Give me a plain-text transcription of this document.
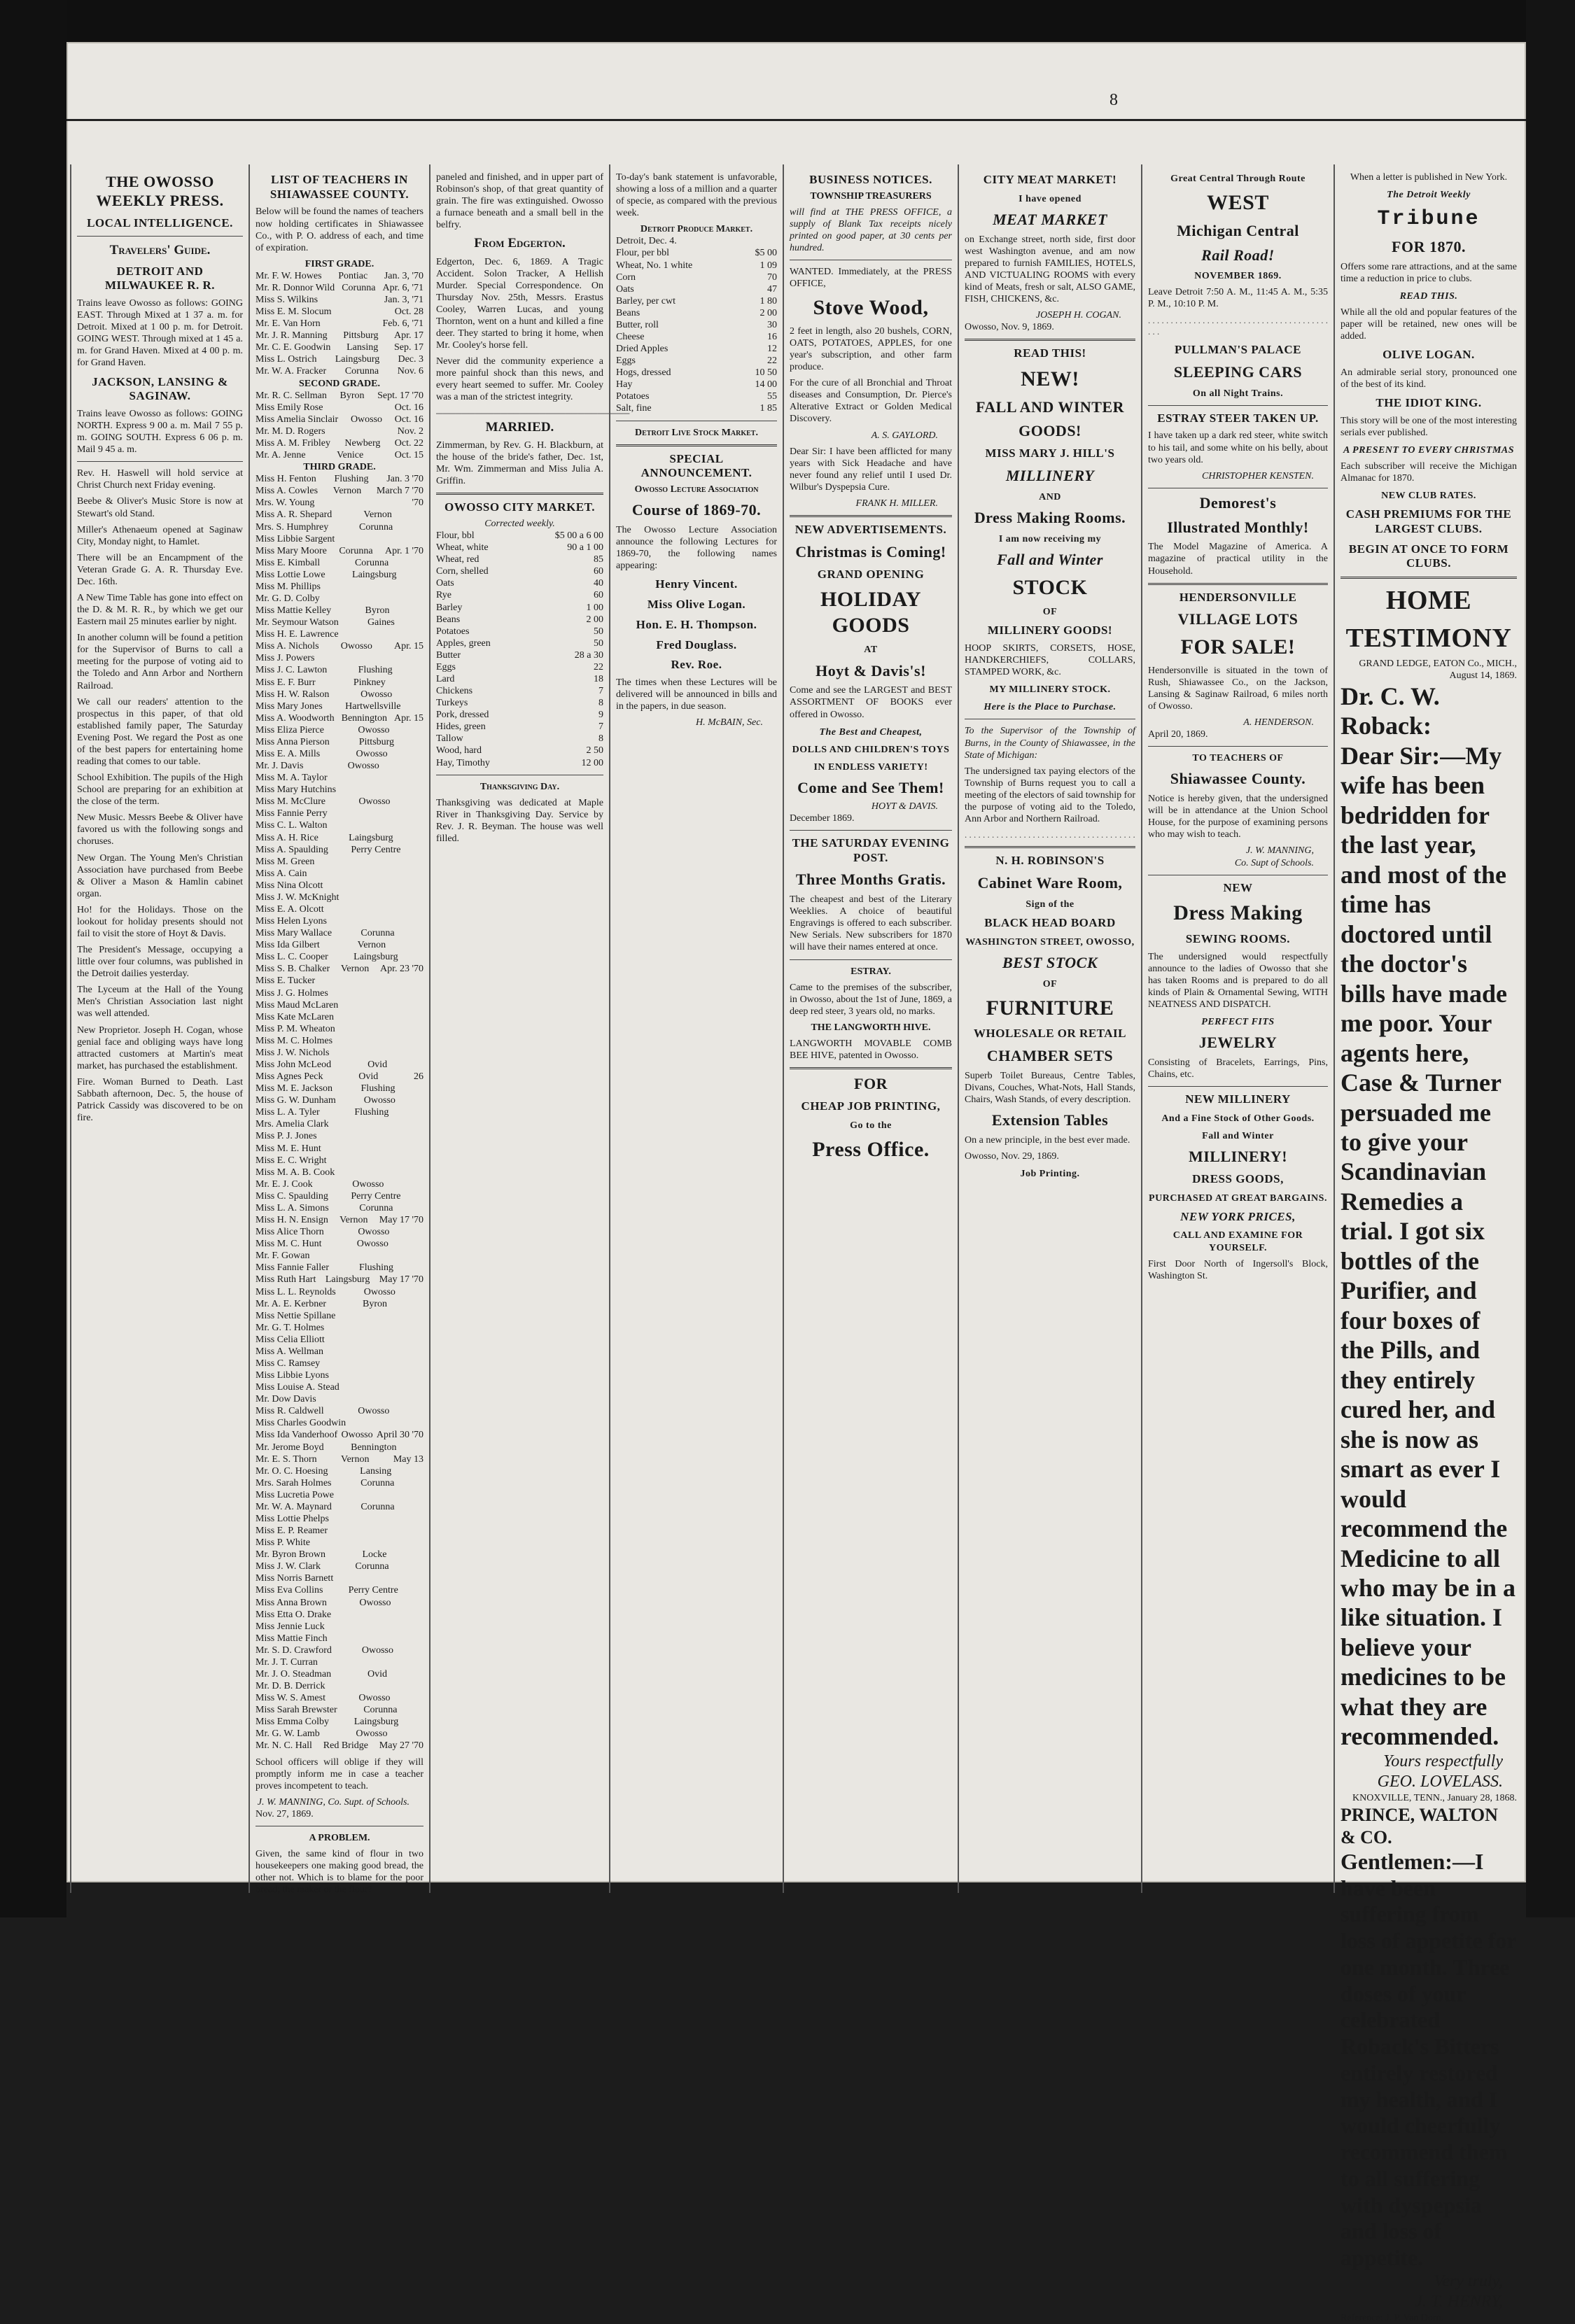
8
THE OWOSSO WEEKLY PRESS.
LOCAL INTELLIGENCE.
Travelers' Guide.
DETROIT AND MILWAUKEE R. R.
Trains leave Owosso as follows: GOING EAST. Through Mixed at 1 37 a. m. for Detroit. Mixed at 1 00 p. m. for Detroit. GOING WEST. Through mixed at 1 45 a. m. for Grand Haven. Mixed at 4 00 p. m. for Grand Haven.
JACKSON, LANSING & SAGINAW.
Trains leave Owosso as follows: GOING NORTH. Express 9 00 a. m. Mail 7 55 p. m. GOING SOUTH. Express 6 06 p. m. Mail 9 45 a. m.
Rev. H. Haswell will hold service at Christ Church next Friday evening.
Beebe & Oliver's Music Store is now at Stewart's old Stand.
Miller's Athenaeum opened at Saginaw City, Monday night, to Hamlet.
There will be an Encampment of the Veteran Grade G. A. R. Thursday Eve. Dec. 16th.
A New Time Table has gone into effect on the D. & M. R. R., by which we get our Eastern mail 25 minutes earlier by night.
In another column will be found a petition for the Supervisor of Burns to call a meeting for the purpose of voting aid to the Toledo and Ann Arbor and Northern Railroad.
We call our readers' attention to the prospectus in this paper, of that old established family paper, The Saturday Evening Post. We regard the Post as one of the best papers for entertaining home reading that comes to our table.
School Exhibition. The pupils of the High School are preparing for an exhibition at the close of the term.
New Music. Messrs Beebe & Oliver have favored us with the following songs and choruses.
New Organ. The Young Men's Christian Association have purchased from Beebe & Oliver a Mason & Hamlin cabinet organ.
Ho! for the Holidays. Those on the lookout for holiday presents should not fail to visit the store of Hoyt & Davis.
The President's Message, occupying a little over four columns, was published in the Detroit dailies yesterday.
The Lyceum at the Hall of the Young Men's Christian Association last night was well attended.
New Proprietor. Joseph H. Cogan, whose genial face and obliging ways have long attracted customers at Martin's meat market, has purchased the establishment.
Fire. Woman Burned to Death. Last Sabbath afternoon, Dec. 5, the house of Patrick Cassidy was discovered to be on fire.
LIST OF TEACHERS IN SHIAWASSEE COUNTY.
Below will be found the names of teachers now holding certificates in Shiawassee Co., with P. O. address of each, and time of expiration.
FIRST GRADE.
Mr. F. W. Howes Pontiac Jan. 3, '70
Mr. R. Donnor Wild Corunna Apr. 6, '71
Miss S. Wilkins	Jan. 3, '71
Miss E. M. Slocum	Oct. 28
Mr. E. Van Horn	Feb. 6, '71
Mr. J. R. Manning Pittsburg Apr. 17
Mr. C. E. Goodwin Lansing Sep. 17
Miss L. Ostrich Laingsburg Dec. 3
Mr. W. A. Fracker Corunna Nov. 6
SECOND GRADE.
Mr. R. C. Sellman Byron Sept. 17 '70
Miss Emily Rose	Oct. 16
Miss Amelia Sinclair Owosso Oct. 16
Mr. M. D. Rogers	Nov. 2
Miss A. M. Fribley Newberg Oct. 22
Mr. A. Jenne	Venice	Oct. 15
THIRD GRADE.
Miss H. Fenton Flushing Jan. 3 '70
Miss A. Cowles Vernon March 7 '70
Mrs. W. Young	'70
Miss A. R. Shepard	Vernon
Mrs. S. Humphrey	Corunna
Miss Libbie Sargent
Miss Mary Moore Corunna Apr. 1 '70
Miss E. Kimball	Corunna
Miss Lottie Lowe	Laingsburg
Miss M. Phillips
Mr. G. D. Colby
Miss Mattie Kelley	Byron
Mr. Seymour Watson	Gaines
Miss H. E. Lawrence
Miss A. Nichols Owosso Apr. 15
Miss J. Powers
Miss J. C. Lawton	Flushing
Miss E. F. Burr	Pinkney
Miss H. W. Ralson	Owosso
Miss Mary Jones Hartwellsville
Miss A. Woodworth Bennington Apr. 15
Miss Eliza Pierce	Owosso
Miss Anna Pierson	Pittsburg
Miss E. A. Mills	Owosso
Mr. J. Davis	Owosso
Miss M. A. Taylor
Miss Mary Hutchins
Miss M. McClure	Owosso
Miss Fannie Perry
Miss C. L. Walton
Miss A. H. Rice	Laingsburg
Miss A. Spaulding Perry Centre
Miss M. Green
Miss A. Cain
Miss Nina Olcott
Miss J. W. McKnight
Miss E. A. Olcott
Miss Helen Lyons
Miss Mary Wallace	Corunna
Miss Ida Gilbert	Vernon
Miss L. C. Cooper	Laingsburg
Miss S. B. Chalker Vernon Apr. 23 '70
Miss E. Tucker
Miss J. G. Holmes
Miss Maud McLaren
Miss Kate McLaren
Miss P. M. Wheaton
Miss M. C. Holmes
Miss J. W. Nichols
Miss John McLeod	Ovid
Miss Agnes Peck	Ovid	26
Miss M. E. Jackson	Flushing
Miss G. W. Dunham	Owosso
Miss L. A. Tyler	Flushing
Mrs. Amelia Clark
Miss P. J. Jones
Miss M. E. Hunt
Miss E. C. Wright
Miss M. A. B. Cook
Mr. E. J. Cook	Owosso
Miss C. Spaulding Perry Centre
Miss L. A. Simons	Corunna
Miss H. N. Ensign Vernon May 17 '70
Miss Alice Thorn	Owosso
Miss M. C. Hunt	Owosso
Mr. F. Gowan
Miss Fannie Faller	Flushing
Miss Ruth Hart Laingsburg May 17 '70
Miss L. L. Reynolds	Owosso
Mr. A. E. Kerbner	Byron
Miss Nettie Spillane
Mr. G. T. Holmes
Miss Celia Elliott
Miss A. Wellman
Miss C. Ramsey
Miss Libbie Lyons
Miss Louise A. Stead
Mr. Dow Davis
Miss R. Caldwell	Owosso
Miss Charles Goodwin
Miss Ida Vanderhoof Owosso April 30 '70
Mr. Jerome Boyd	Bennington
Mr. E. S. Thorn Vernon May 13
Mr. O. C. Hoesing	Lansing
Mrs. Sarah Holmes	Corunna
Miss Lucretia Powe
Mr. W. A. Maynard	Corunna
Miss Lottie Phelps
Miss E. P. Reamer
Miss P. White
Mr. Byron Brown	Locke
Miss J. W. Clark	Corunna
Miss Norris Barnett
Miss Eva Collins	Perry Centre
Miss Anna Brown	Owosso
Miss Etta O. Drake
Miss Jennie Luck
Miss Mattie Finch
Mr. S. D. Crawford	Owosso
Mr. J. T. Curran
Mr. J. O. Steadman	Ovid
Mr. D. B. Derrick
Miss W. S. Amest	Owosso
Miss Sarah Brewster	Corunna
Miss Emma Colby	Laingsburg
Mr. G. W. Lamb	Owosso
Mr. N. C. Hall Red Bridge May 27 '70
School officers will oblige if they will promptly inform me in case a teacher proves incompetent to teach.
J. W. MANNING, Co. Supt. of Schools.
Nov. 27, 1869.
A PROBLEM.
Given, the same kind of flour in two housekeepers one making good bread, the other not. Which is to blame for the poor bread; the maker or the flour?
paneled and finished, and in upper part of Robinson's shop, of that great quantity of grain. The fire was extinguished. Owosso a furnace beneath and a small bell in the belfry.
From Edgerton.
Edgerton, Dec. 6, 1869. A Tragic Accident. Solon Tracker, A Hellish Murder. Special Correspondence. On Thursday Nov. 25th, Messrs. Erastus Cooley, Warren Lucas, and young Thornton, went on a hunt and killed a fine deer. They started to bring it home, when Mr. Cooley's horse fell.
Never did the community experience a more painful shock than this news, and every heart seemed to suffer. Mr. Cooley was a man of the strictest integrity.
──────────────────────────────
MARRIED.
Zimmerman, by Rev. G. H. Blackburn, at the house of the bride's father, Dec. 1st, Mr. Wm. Zimmerman and Miss Julia A. Griffin.
OWOSSO CITY MARKET.
Corrected weekly.
Flour, bbl	$5 00 a 6 00
Wheat, white	90 a 1 00
Wheat, red	85
Corn, shelled	60
Oats	40
Rye	60
Barley	1 00
Beans	2 00
Potatoes	50
Apples, green	50
Butter	28 a 30
Eggs	22
Lard	18
Chickens	7
Turkeys	8
Pork, dressed	9
Hides, green	7
Tallow	8
Wood, hard	2 50
Hay, Timothy	12 00
Thanksgiving Day.
Thanksgiving was dedicated at Maple River in Thanksgiving Day. Service by Rev. J. R. Beyman. The house was well filled.
To-day's bank statement is unfavorable, showing a loss of a million and a quarter of specie, as compared with the previous week.
Detroit Produce Market.
Detroit, Dec. 4.
Flour, per bbl	$5 00
Wheat, No. 1 white	1 09
Corn	70
Oats	47
Barley, per cwt	1 80
Beans	2 00
Butter, roll	30
Cheese	16
Dried Apples	12
Eggs	22
Hogs, dressed	10 50
Hay	14 00
Potatoes	55
Salt, fine	1 85
Detroit Live Stock Market.
SPECIAL ANNOUNCEMENT.
Owosso Lecture Association
Course of 1869-70.
The Owosso Lecture Association announce the following Lectures for 1869-70, the following names appearing:
Henry Vincent.
Miss Olive Logan.
Hon. E. H. Thompson.
Fred Douglass.
Rev. Roe.
The times when these Lectures will be delivered will be announced in bills and in the papers, in due season.
H. McBAIN, Sec.
BUSINESS NOTICES.
TOWNSHIP TREASURERS
will find at THE PRESS OFFICE, a supply of Blank Tax receipts nicely printed on good paper, at 30 cents per hundred.
WANTED. Immediately, at the PRESS OFFICE,
Stove Wood,
2 feet in length, also 20 bushels, CORN, OATS, POTATOES, APPLES, for one year's subscription, and other farm produce.
For the cure of all Bronchial and Throat diseases and Consumption, Dr. Pierce's Alterative Extract or Golden Medical Discovery.
A. S. GAYLORD.
Dear Sir: I have been afflicted for many years with Sick Headache and have never found any relief until I used Dr. Wilbur's Dyspepsia Cure.
FRANK H. MILLER.
NEW ADVERTISEMENTS.
Christmas is Coming!
GRAND OPENING
HOLIDAY GOODS
AT
Hoyt & Davis's!
Come and see the LARGEST and BEST ASSORTMENT OF BOOKS ever offered in Owosso.
The Best and Cheapest,
DOLLS AND CHILDREN'S TOYS
IN ENDLESS VARIETY!
Come and See Them!
HOYT & DAVIS.
December 1869.
THE SATURDAY EVENING POST.
Three Months Gratis.
The cheapest and best of the Literary Weeklies. A choice of beautiful Engravings is offered to each subscriber. New Serials. New subscribers for 1870 will have their names entered at once.
ESTRAY.
Came to the premises of the subscriber, in Owosso, about the 1st of June, 1869, a deep red steer, 3 years old, no marks.
THE LANGWORTH HIVE.
LANGWORTH MOVABLE COMB BEE HIVE, patented in Owosso.
FOR
CHEAP JOB PRINTING,
Go to the
Press Office.
CITY MEAT MARKET!
I have opened
MEAT MARKET
on Exchange street, north side, first door west Washington avenue, and am now prepared to furnish FAMILIES, HOTELS, AND VICTUALING ROOMS with every kind of Meats, fresh or salt, ALSO GAME, FISH, CHICKENS, &c.
JOSEPH H. COGAN.
Owosso, Nov. 9, 1869.
READ THIS!
NEW!
FALL AND WINTER
GOODS!
MISS MARY J. HILL'S
MILLINERY
AND
Dress Making Rooms.
I am now receiving my
Fall and Winter
STOCK
OF
MILLINERY GOODS!
HOOP SKIRTS, CORSETS, HOSE, HANDKERCHIEFS, COLLARS, STAMPED WORK, &c.
MY MILLINERY STOCK.
Here is the Place to Purchase.
To the Supervisor of the Township of Burns, in the County of Shiawassee, in the State of Michigan:
The undersigned tax paying electors of the Township of Burns request you to call a meeting of the electors of said township for the purpose of voting aid to the Toledo, Ann Arbor and Northern Railroad.
. . . . . . . . . . . . . . . . . . . . . . . . . . . . . . . . . . . . . .
N. H. ROBINSON'S
Cabinet Ware Room,
Sign of the
BLACK HEAD BOARD
WASHINGTON STREET, OWOSSO,
BEST STOCK
OF
FURNITURE
WHOLESALE OR RETAIL
CHAMBER SETS
Superb Toilet Bureaus, Centre Tables, Divans, Couches, What-Nots, Hall Stands, Chairs, Wash Stands, of every description.
Extension Tables
On a new principle, in the best ever made.
Owosso, Nov. 29, 1869.
Job Printing.
Great Central Through Route
WEST
Michigan Central
Rail Road!
NOVEMBER 1869.
Leave Detroit 7:50 A. M., 11:45 A. M., 5:35 P. M., 10:10 P. M.
. . . . . . . . . . . . . . . . . . . . . . . . . . . . . . . . . . . . . . . . . . .
PULLMAN'S PALACE
SLEEPING CARS
On all Night Trains.
ESTRAY STEER TAKEN UP.
I have taken up a dark red steer, white switch to his tail, and some white on his belly, about two years old.
CHRISTOPHER KENSTEN.
Demorest's
Illustrated Monthly!
The Model Magazine of America. A magazine of practical utility in the Household.
HENDERSONVILLE
VILLAGE LOTS
FOR SALE!
Hendersonville is situated in the town of Rush, Shiawassee Co., on the Jackson, Lansing & Saginaw Railroad, 6 miles north of Owosso.
A. HENDERSON.
April 20, 1869.
TO TEACHERS OF
Shiawassee County.
Notice is hereby given, that the undersigned will be in attendance at the Union School House, for the purpose of examining persons who may wish to teach.
J. W. MANNING,
Co. Supt of Schools.
NEW
Dress Making
SEWING ROOMS.
The undersigned would respectfully announce to the ladies of Owosso that she has taken Rooms and is prepared to do all kinds of Plain & Ornamental Sewing, WITH NEATNESS AND DISPATCH.
PERFECT FITS
JEWELRY
Consisting of Bracelets, Earrings, Pins, Chains, etc.
NEW MILLINERY
And a Fine Stock of Other Goods.
Fall and Winter
MILLINERY!
DRESS GOODS,
PURCHASED AT GREAT BARGAINS.
NEW YORK PRICES,
CALL AND EXAMINE FOR YOURSELF.
First Door North of Ingersoll's Block, Washington St.
When a letter is published in New York.
The Detroit Weekly
Tribune
FOR 1870.
Offers some rare attractions, and at the same time a reduction in price to clubs.
READ THIS.
While all the old and popular features of the paper will be retained, new ones will be added.
OLIVE LOGAN.
An admirable serial story, pronounced one of the best of its kind.
THE IDIOT KING.
This story will be one of the most interesting serials ever published.
A PRESENT TO EVERY CHRISTMAS
Each subscriber will receive the Michigan Almanac for 1870.
NEW CLUB RATES.
CASH PREMIUMS FOR THE LARGEST CLUBS.
BEGIN AT ONCE TO FORM CLUBS.
HOME
TESTIMONY
GRAND LEDGE, EATON Co., MICH., August 14, 1869.
Dr. C. W. Roback:
Dear Sir:—My wife has been bedridden for the last year, and most of the time has doctored until the doctor's bills have made me poor. Your agents here, Case & Turner persuaded me to give your Scandinavian Remedies a trial. I got six bottles of the Purifier, and four boxes of the Pills, and they entirely cured her, and she is now as smart as ever I would recommend the Medicine to all who may be in a like situation. I believe your medicines to be what they are recommended.
Yours respectfully
GEO. LOVELASS.
KNOXVILLE, TENN., January 28, 1868.
PRINCE, WALTON & CO.
Gentlemen:—I have been suffering from loss of appetite for one month. Three doses of your celebrated Roback's Bitters entirely restored my health, and I would cheerfully recommend them to all suffering with dyspepsia and loss of appetite.
Very truly,
J. T. HENRY,
Reference: J. P. Van Dorn.
